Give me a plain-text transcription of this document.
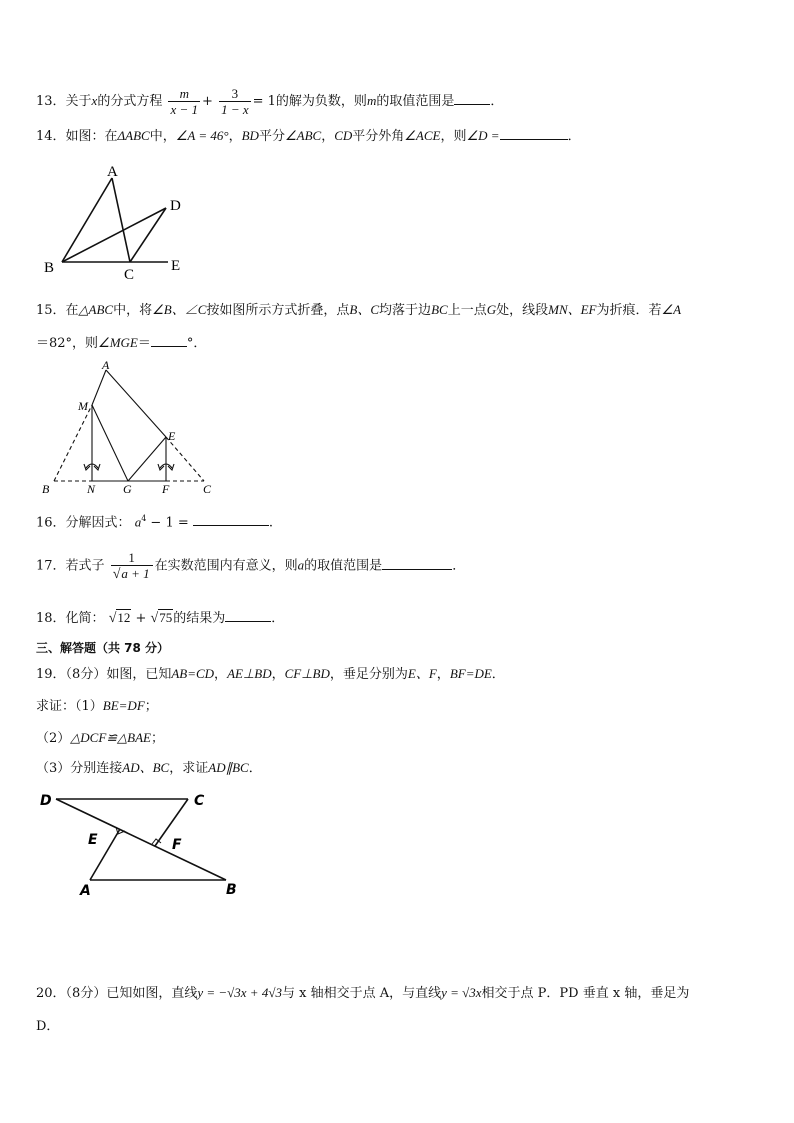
13．关于x的分式方程 $\frac{m}{x - 1} + \frac{3}{1 - x} = 1$的解为负数，则m的取值范围是	．
14．如图：在ΔABC中，∠A = 46°，BD平分∠ABC，CD平分外角∠ACE，则∠D =	．
A
D
B	C
E
15．在△ABC中，将∠B、∠C按如图所示方式折叠，点B、C均落于边BC上一点G处，线段MN、EF为折痕．若∠A
＝82°，则∠MGE＝	°．
A
M
E
B	N G	F	C
16．分解因式： $a^4 - 1$ =	.
17．若式子 $\frac{1}{√a + 1}$ 在实数范围内有意义，则a的取值范围是	．
18．化简： √12 + √75的结果为	．
三、解答题（共 78 分）
19．（8分）如图，已知AB=CD，AE⊥BD，CF⊥BD，垂足分别为E、F，BF=DE．
求证：（1）BE=DF；
（2）△DCF≌△BAE；
（3）分别连接AD、BC，求证AD∥BC．
D	C
E	F
A	B
20．（8分）已知如图，直线y = −√3x + 4√3与 x 轴相交于点 A，与直线y = √3x相交于点 P．PD 垂直 x 轴，垂足为
D．
